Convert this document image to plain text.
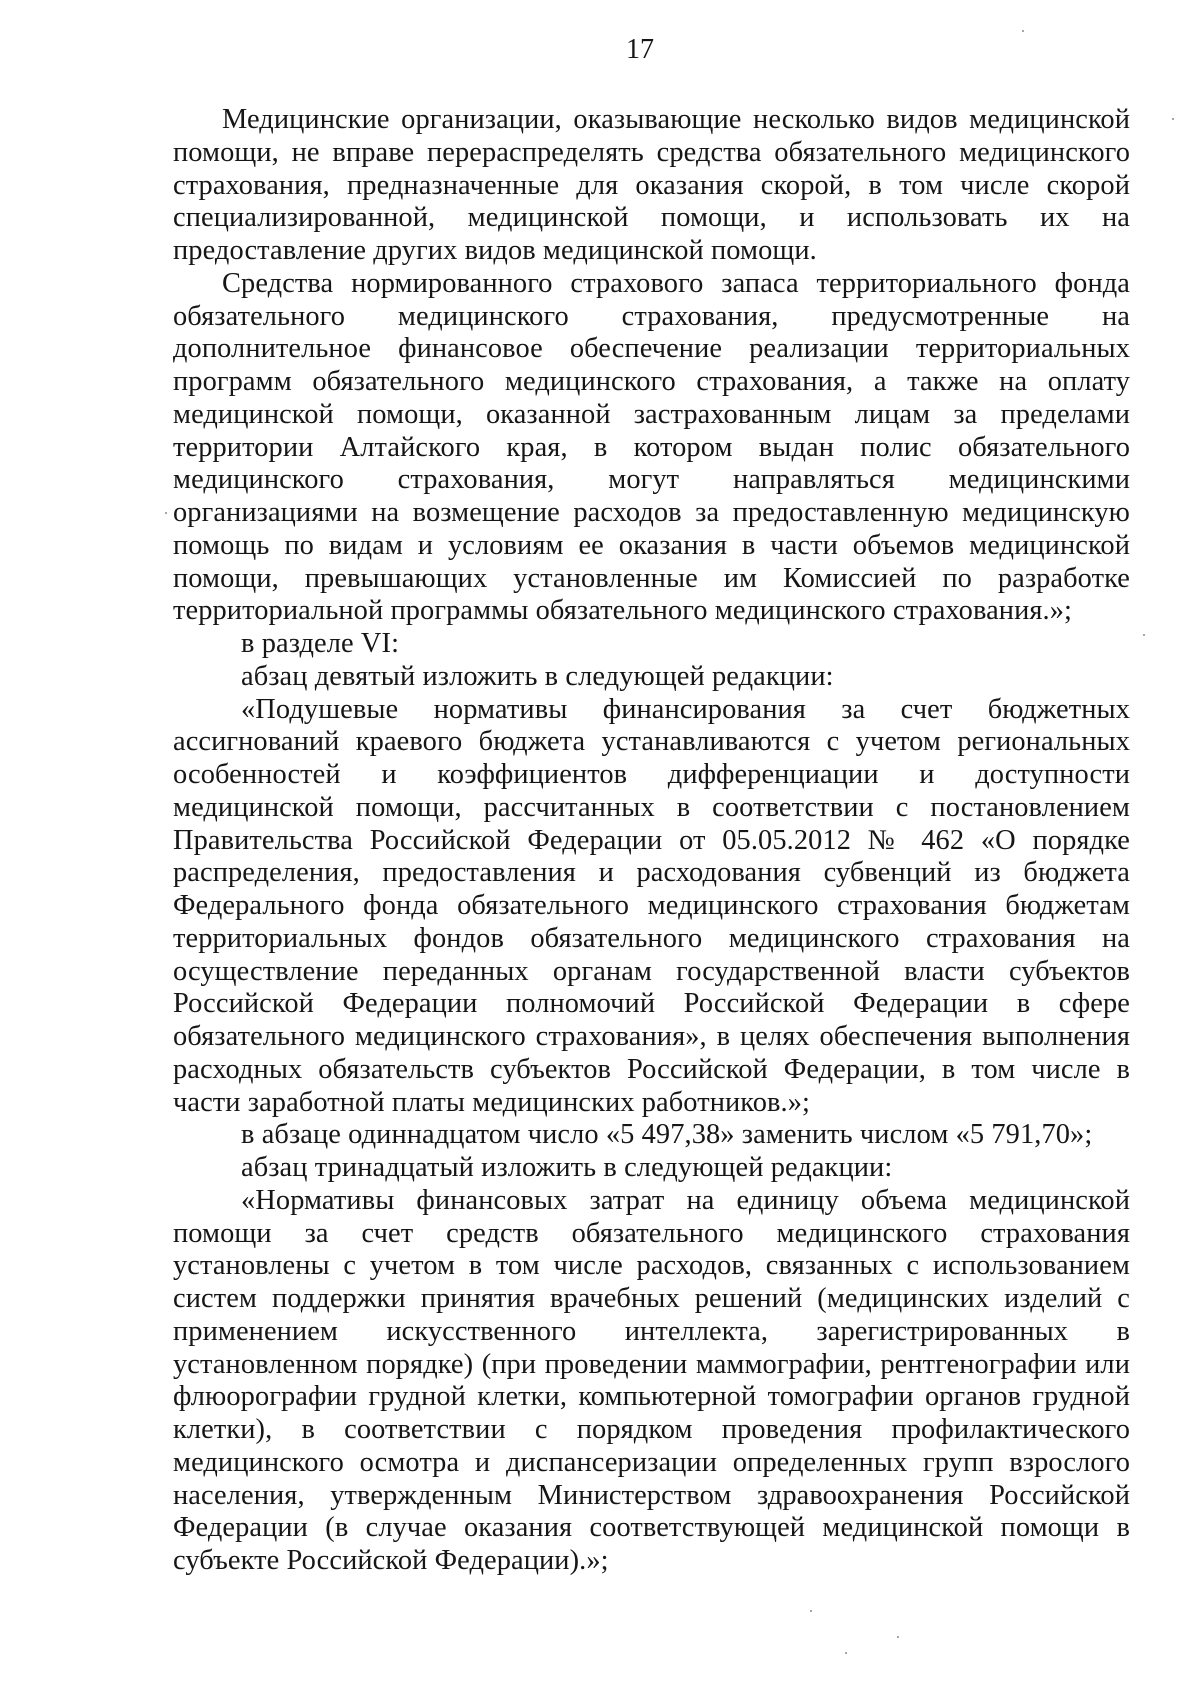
17

Медицинские организации, оказывающие несколько видов медицинской помощи, не вправе перераспределять средства обязательного медицинского страхования, предназначенные для оказания скорой, в том числе скорой специализированной, медицинской помощи, и использовать их на предоставление других видов медицинской помощи.

Средства нормированного страхового запаса территориального фонда обязательного медицинского страхования, предусмотренные на дополнительное финансовое обеспечение реализации территориальных программ обязательного медицинского страхования, а также на оплату медицинской помощи, оказанной застрахованным лицам за пределами территории Алтайского края, в котором выдан полис обязательного медицинского страхования, могут направляться медицинскими организациями на возмещение расходов за предоставленную медицинскую помощь по видам и условиям ее оказания в части объемов медицинской помощи, превышающих установленные им Комиссией по разработке территориальной программы обязательного медицинского страхования.»;

в разделе VI:

абзац девятый изложить в следующей редакции:

«Подушевые нормативы финансирования за счет бюджетных ассигнований краевого бюджета устанавливаются с учетом региональных особенностей и коэффициентов дифференциации и доступности медицинской помощи, рассчитанных в соответствии с постановлением Правительства Российской Федерации от 05.05.2012 № 462 «О порядке распределения, предоставления и расходования субвенций из бюджета Федерального фонда обязательного медицинского страхования бюджетам территориальных фондов обязательного медицинского страхования на осуществление переданных органам государственной власти субъектов Российской Федерации полномочий Российской Федерации в сфере обязательного медицинского страхования», в целях обеспечения выполнения расходных обязательств субъектов Российской Федерации, в том числе в части заработной платы медицинских работников.»;

в абзаце одиннадцатом число «5 497,38» заменить числом «5 791,70»;

абзац тринадцатый изложить в следующей редакции:

«Нормативы финансовых затрат на единицу объема медицинской помощи за счет средств обязательного медицинского страхования установлены с учетом в том числе расходов, связанных с использованием систем поддержки принятия врачебных решений (медицинских изделий с применением искусственного интеллекта, зарегистрированных в установленном порядке) (при проведении маммографии, рентгенографии или флюорографии грудной клетки, компьютерной томографии органов грудной клетки), в соответствии с порядком проведения профилактического медицинского осмотра и диспансеризации определенных групп взрослого населения, утвержденным Министерством здравоохранения Российской Федерации (в случае оказания соответствующей медицинской помощи в субъекте Российской Федерации).»;
